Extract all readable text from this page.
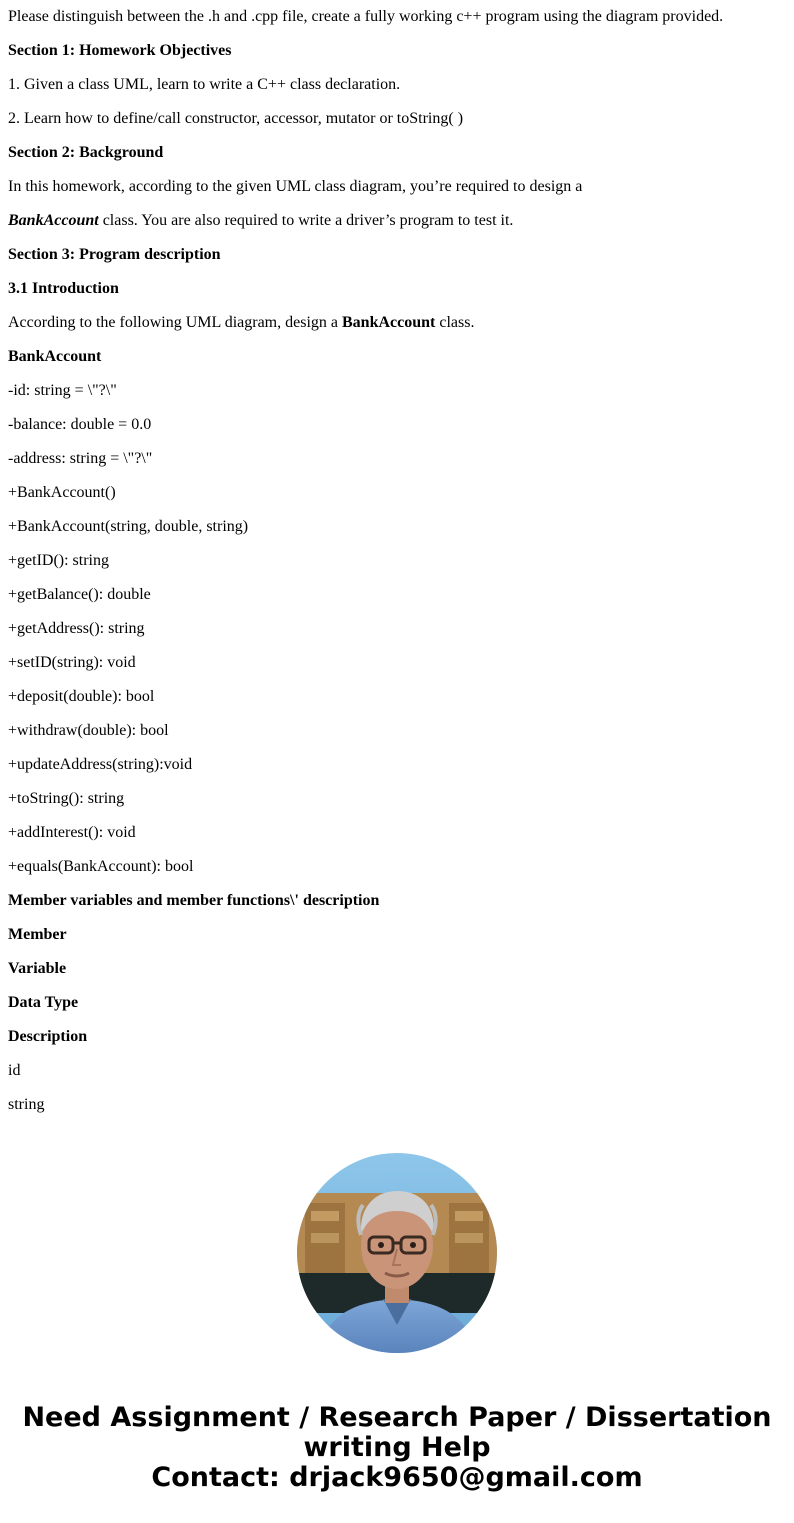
Please distinguish between the .h and .cpp file, create a fully working c++ program using the diagram provided.
Section 1: Homework Objectives
1. Given a class UML, learn to write a C++ class declaration.
2. Learn how to define/call constructor, accessor, mutator or toString( )
Section 2: Background
In this homework, according to the given UML class diagram, you’re required to design a
BankAccount class. You are also required to write a driver’s program to test it.
Section 3: Program description
3.1 Introduction
According to the following UML diagram, design a BankAccount class.
BankAccount
-id: string = \"?\"
-balance: double = 0.0
-address: string = \"?\"
+BankAccount()
+BankAccount(string, double, string)
+getID(): string
+getBalance(): double
+getAddress(): string
+setID(string): void
+deposit(double): bool
+withdraw(double): bool
+updateAddress(string):void
+toString(): string
+addInterest(): void
+equals(BankAccount): bool
Member variables and member functions\' description
Member
Variable
Data Type
Description
id
string
Need Assignment / Research Paper / Dissertation
writing Help
Contact: drjack9650@gmail.com
